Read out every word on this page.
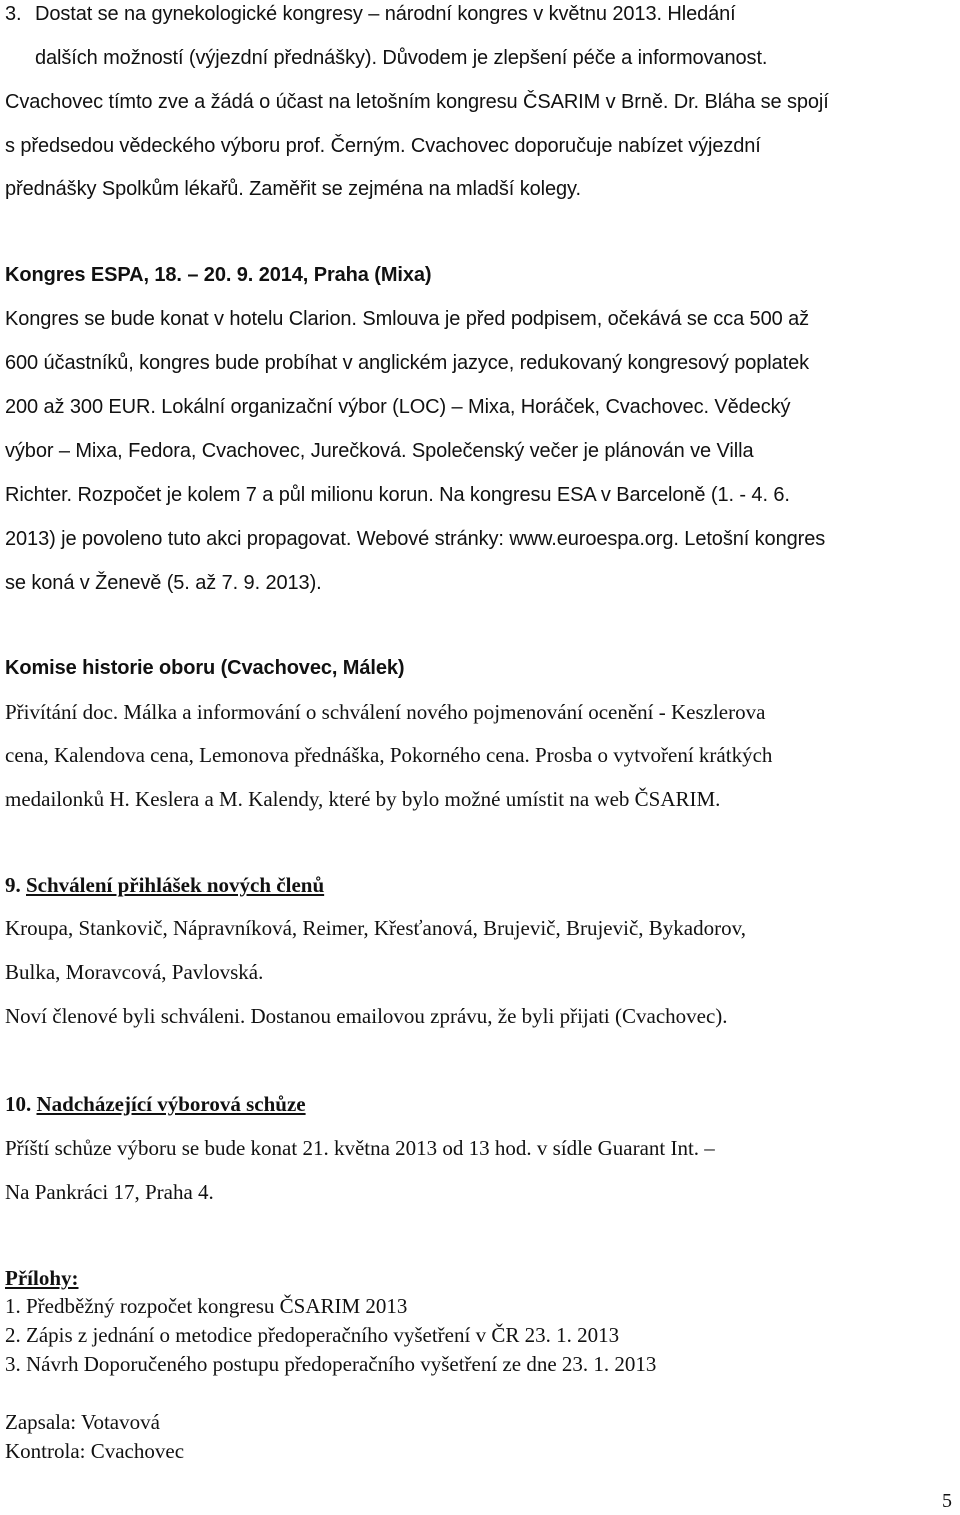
3. Dostat se na gynekologické kongresy – národní kongres v květnu 2013. Hledání
dalších možností (výjezdní přednášky). Důvodem je zlepšení péče a informovanost.
Cvachovec tímto zve a žádá o účast na letošním kongresu ČSARIM v Brně. Dr. Bláha se spojí
s předsedou vědeckého výboru prof. Černým. Cvachovec doporučuje nabízet výjezdní
přednášky Spolkům lékařů. Zaměřit se zejména na mladší kolegy.
Kongres ESPA, 18. – 20. 9. 2014, Praha (Mixa)
Kongres se bude konat v hotelu Clarion. Smlouva je před podpisem, očekává se cca 500 až
600 účastníků, kongres bude probíhat v anglickém jazyce, redukovaný kongresový poplatek
200 až 300 EUR. Lokální organizační výbor (LOC) – Mixa, Horáček, Cvachovec. Vědecký
výbor – Mixa, Fedora, Cvachovec, Jurečková. Společenský večer je plánován ve Villa
Richter. Rozpočet je kolem 7 a půl milionu korun. Na kongresu ESA v Barceloně (1. - 4. 6.
2013) je povoleno tuto akci propagovat. Webové stránky: www.euroespa.org. Letošní kongres
se koná v Ženevě (5. až 7. 9. 2013).
Komise historie oboru (Cvachovec, Málek)
Přivítání doc. Málka a informování o schválení nového pojmenování ocenění - Keszlerova
cena, Kalendova cena, Lemonova přednáška, Pokorného cena. Prosba o vytvoření krátkých
medailonků H. Keslera a M. Kalendy, které by bylo možné umístit na web ČSARIM.
9. Schválení přihlášek nových členů
Kroupa, Stankovič, Nápravníková, Reimer, Křesťanová, Brujevič, Brujevič, Bykadorov,
Bulka, Moravcová, Pavlovská.
Noví členové byli schváleni. Dostanou emailovou zprávu, že byli přijati (Cvachovec).
10. Nadcházející výborová schůze
Příští schůze výboru se bude konat 21. května 2013 od 13 hod. v sídle Guarant Int. –
Na Pankráci 17, Praha 4.
Přílohy:
1. Předběžný rozpočet kongresu ČSARIM 2013
2. Zápis z jednání o metodice předoperačního vyšetření v ČR 23. 1. 2013
3. Návrh Doporučeného postupu předoperačního vyšetření ze dne 23. 1. 2013
Zapsala: Votavová
Kontrola: Cvachovec
5
